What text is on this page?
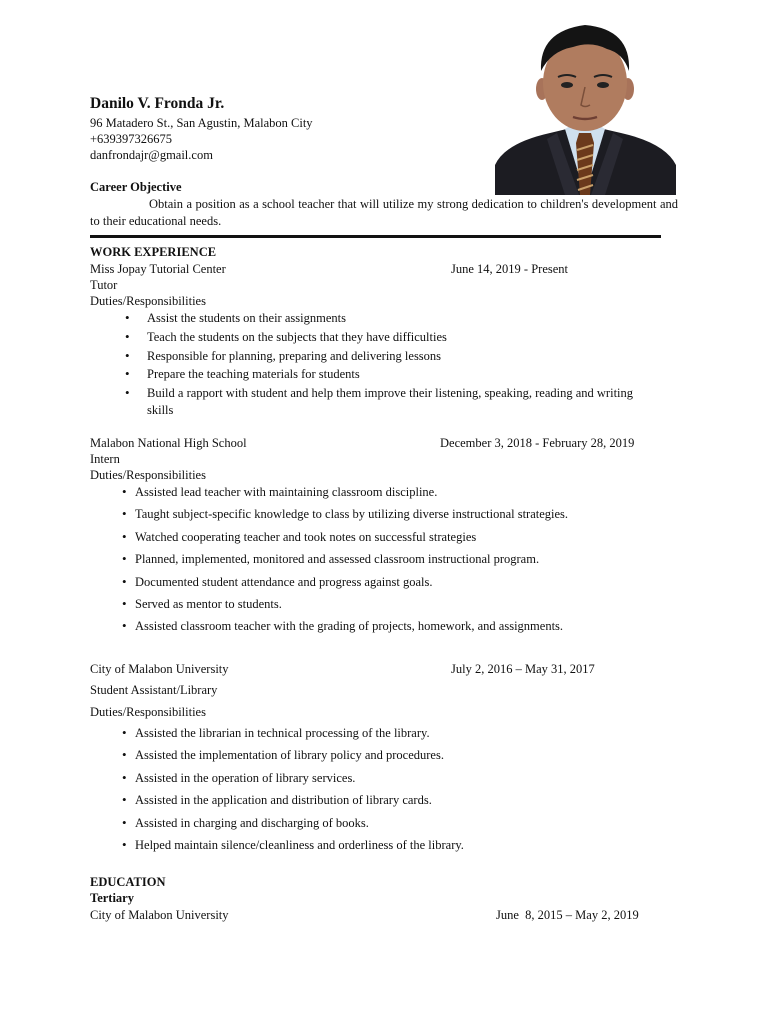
Danilo V. Fronda Jr.
96 Matadero St., San Agustin, Malabon City
+639397326675
danfrondajr@gmail.com
Career Objective
Obtain a position as a school teacher that will utilize my strong dedication to children's development and to their educational needs.
WORK EXPERIENCE
Miss Jopay Tutorial Center	June 14, 2019 - Present
Tutor
Duties/Responsibilities
• Assist the students on their assignments
• Teach the students on the subjects that they have difficulties
• Responsible for planning, preparing and delivering lessons
• Prepare the teaching materials for students
• Build a rapport with student and help them improve their listening, speaking, reading and writing skills
Malabon National High School	December 3, 2018 - February 28, 2019
Intern
Duties/Responsibilities
• Assisted lead teacher with maintaining classroom discipline.
• Taught subject-specific knowledge to class by utilizing diverse instructional strategies.
• Watched cooperating teacher and took notes on successful strategies
• Planned, implemented, monitored and assessed classroom instructional program.
• Documented student attendance and progress against goals.
• Served as mentor to students.
• Assisted classroom teacher with the grading of projects, homework, and assignments.
City of Malabon University	July 2, 2016 – May 31, 2017
Student Assistant/Library
Duties/Responsibilities
• Assisted the librarian in technical processing of the library.
• Assisted the implementation of library policy and procedures.
• Assisted in the operation of library services.
• Assisted in the application and distribution of library cards.
• Assisted in charging and discharging of books.
• Helped maintain silence/cleanliness and orderliness of the library.
EDUCATION
Tertiary
City of Malabon University	June  8, 2015 – May 2, 2019
